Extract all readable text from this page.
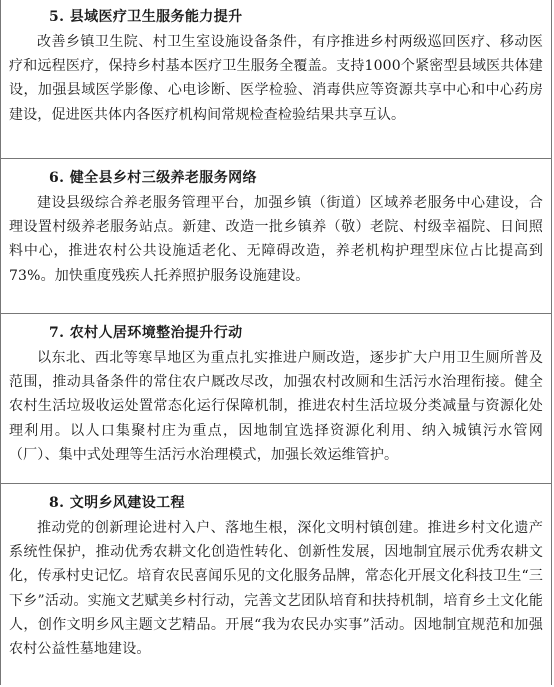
5. 县域医疗卫生服务能力提升

改善乡镇卫生院、村卫生室设施设备条件，有序推进乡村两级巡回医疗、移动医疗和远程医疗，保持乡村基本医疗卫生服务全覆盖。支持1000个紧密型县域医共体建设，加强县域医学影像、心电诊断、医学检验、消毒供应等资源共享中心和中心药房建设，促进医共体内各医疗机构间常规检查检验结果共享互认。

6. 健全县乡村三级养老服务网络

建设县级综合养老服务管理平台，加强乡镇（街道）区域养老服务中心建设，合理设置村级养老服务站点。新建、改造一批乡镇养（敬）老院、村级幸福院、日间照料中心，推进农村公共设施适老化、无障碍改造，养老机构护理型床位占比提高到73%。加快重度残疾人托养照护服务设施建设。

7. 农村人居环境整治提升行动

以东北、西北等寒旱地区为重点扎实推进户厕改造，逐步扩大户用卫生厕所普及范围，推动具备条件的常住农户厩改尽改，加强农村改厕和生活污水治理衔接。健全农村生活垃圾收运处置常态化运行保障机制，推进农村生活垃圾分类减量与资源化处理利用。以人口集聚村庄为重点，因地制宜选择资源化利用、纳入城镇污水管网（厂）、集中式处理等生活污水治理模式，加强长效运维管护。

8. 文明乡风建设工程

推动党的创新理论进村入户、落地生根，深化文明村镇创建。推进乡村文化遗产系统性保护，推动优秀农耕文化创造性转化、创新性发展，因地制宜展示优秀农耕文化，传承村史记忆。培育农民喜闻乐见的文化服务品牌，常态化开展文化科技卫生“三下乡”活动。实施文艺赋美乡村行动，完善文艺团队培育和扶持机制，培育乡土文化能人，创作文明乡风主题文艺精品。开展“我为农民办实事”活动。因地制宜规范和加强农村公益性墓地建设。
